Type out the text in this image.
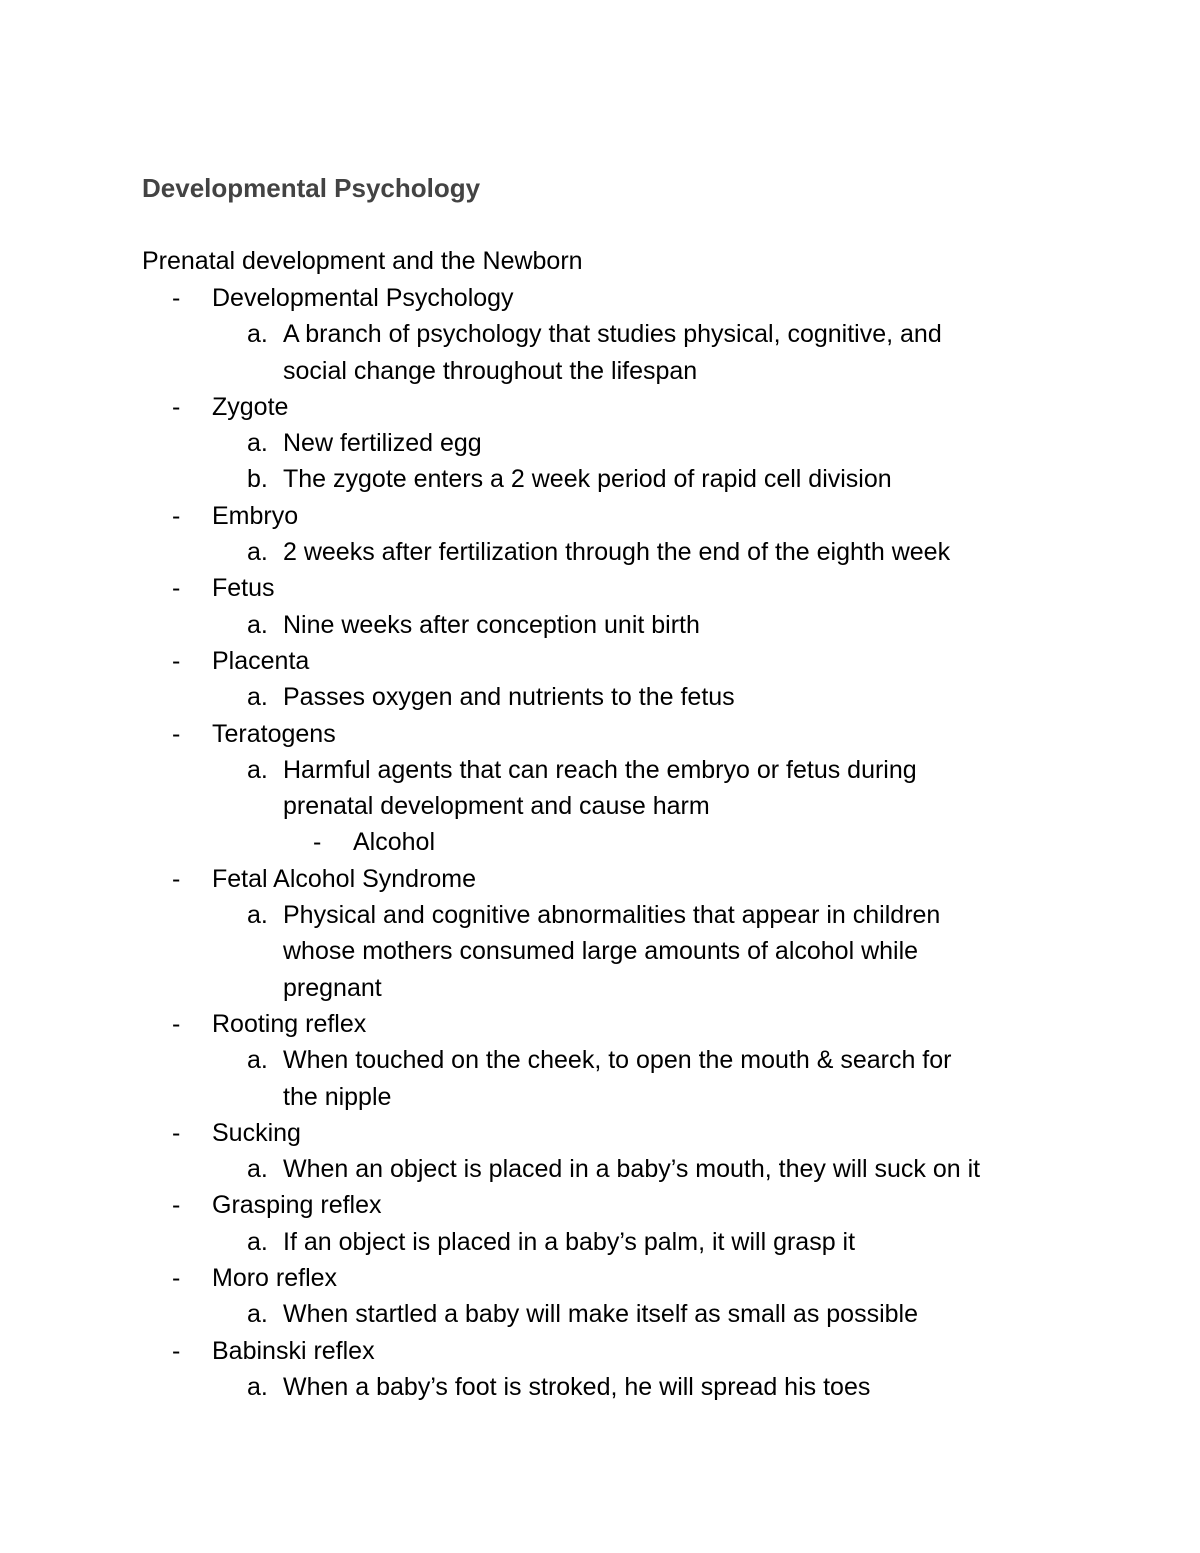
Developmental Psychology
Prenatal development and the Newborn
- Developmental Psychology
a. A branch of psychology that studies physical, cognitive, and
social change throughout the lifespan
- Zygote
a. New fertilized egg
b. The zygote enters a 2 week period of rapid cell division
- Embryo
a. 2 weeks after fertilization through the end of the eighth week
- Fetus
a. Nine weeks after conception unit birth
- Placenta
a. Passes oxygen and nutrients to the fetus
- Teratogens
a. Harmful agents that can reach the embryo or fetus during
prenatal development and cause harm
- Alcohol
- Fetal Alcohol Syndrome
a. Physical and cognitive abnormalities that appear in children
whose mothers consumed large amounts of alcohol while
pregnant
- Rooting reflex
a. When touched on the cheek, to open the mouth & search for
the nipple
- Sucking
a. When an object is placed in a baby’s mouth, they will suck on it
- Grasping reflex
a. If an object is placed in a baby’s palm, it will grasp it
- Moro reflex
a. When startled a baby will make itself as small as possible
- Babinski reflex
a. When a baby’s foot is stroked, he will spread his toes
